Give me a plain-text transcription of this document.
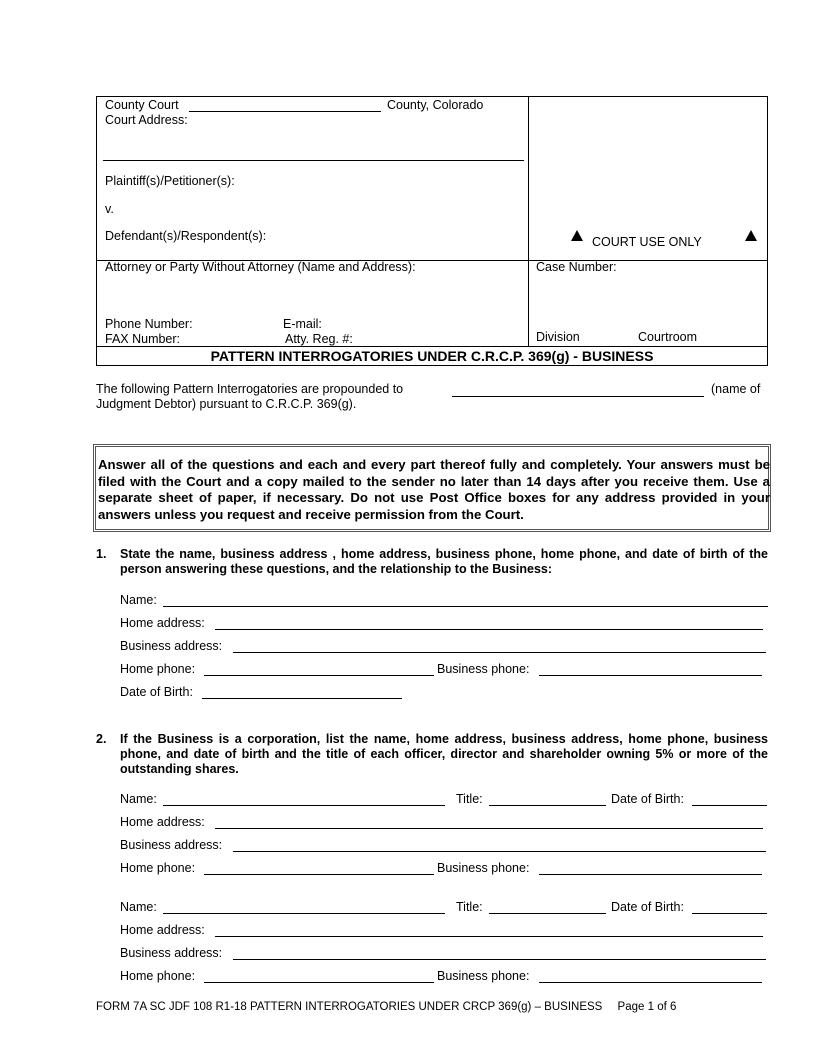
County Court	County, Colorado
Court Address:
Plaintiff(s)/Petitioner(s):
v.
Defendant(s)/Respondent(s):	COURT USE ONLY
Attorney or Party Without Attorney (Name and Address):
Phone Number:	E-mail:
FAX Number:	Atty. Reg. #:
Case Number:
Division	Courtroom
PATTERN INTERROGATORIES UNDER C.R.C.P. 369(g) - BUSINESS
The following Pattern Interrogatories are propounded to	(name of
Judgment Debtor) pursuant to C.R.C.P. 369(g).
Answer all of the questions and each and every part thereof fully and completely. Your answers must be filed with the Court and a copy mailed to the sender no later than 14 days after you receive them. Use a separate sheet of paper, if necessary. Do not use Post Office boxes for any address provided in your answers unless you request and receive permission from the Court.
1. State the name, business address , home address, business phone, home phone, and date of birth of the person answering these questions, and the relationship to the Business:
Name:
Home address:
Business address:
Home phone:	Business phone:
Date of Birth:
2. If the Business is a corporation, list the name, home address, business address, home phone, business phone, and date of birth and the title of each officer, director and shareholder owning 5% or more of the outstanding shares.
Name:	Title:	Date of Birth:
Home address:
Business address:
Home phone:	Business phone:
Name:	Title:	Date of Birth:
Home address:
Business address:
Home phone:	Business phone:
FORM 7A SC JDF 108 R1-18 PATTERN INTERROGATORIES UNDER CRCP 369(g) – BUSINESS Page 1 of 6
